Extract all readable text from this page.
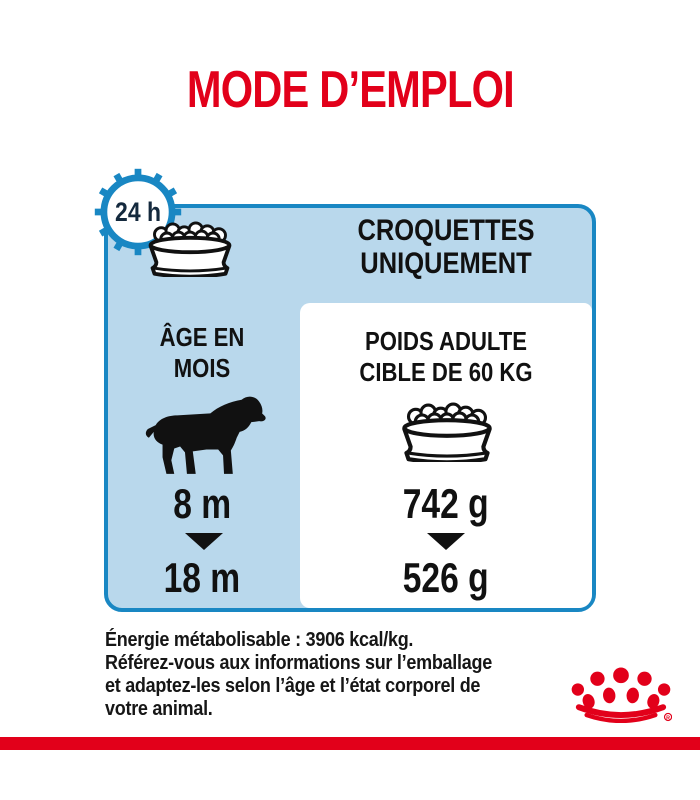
MODE D’EMPLOI
CROQUETTES
UNIQUEMENT
24 h
ÂGE EN
MOIS
POIDS ADULTE
CIBLE DE 60 KG
8 m	742 g
18 m	526 g
Énergie métabolisable : 3906 kcal/kg.
Référez-vous aux informations sur l’emballage
et adaptez-les selon l’âge et l’état corporel de
votre animal.	R
